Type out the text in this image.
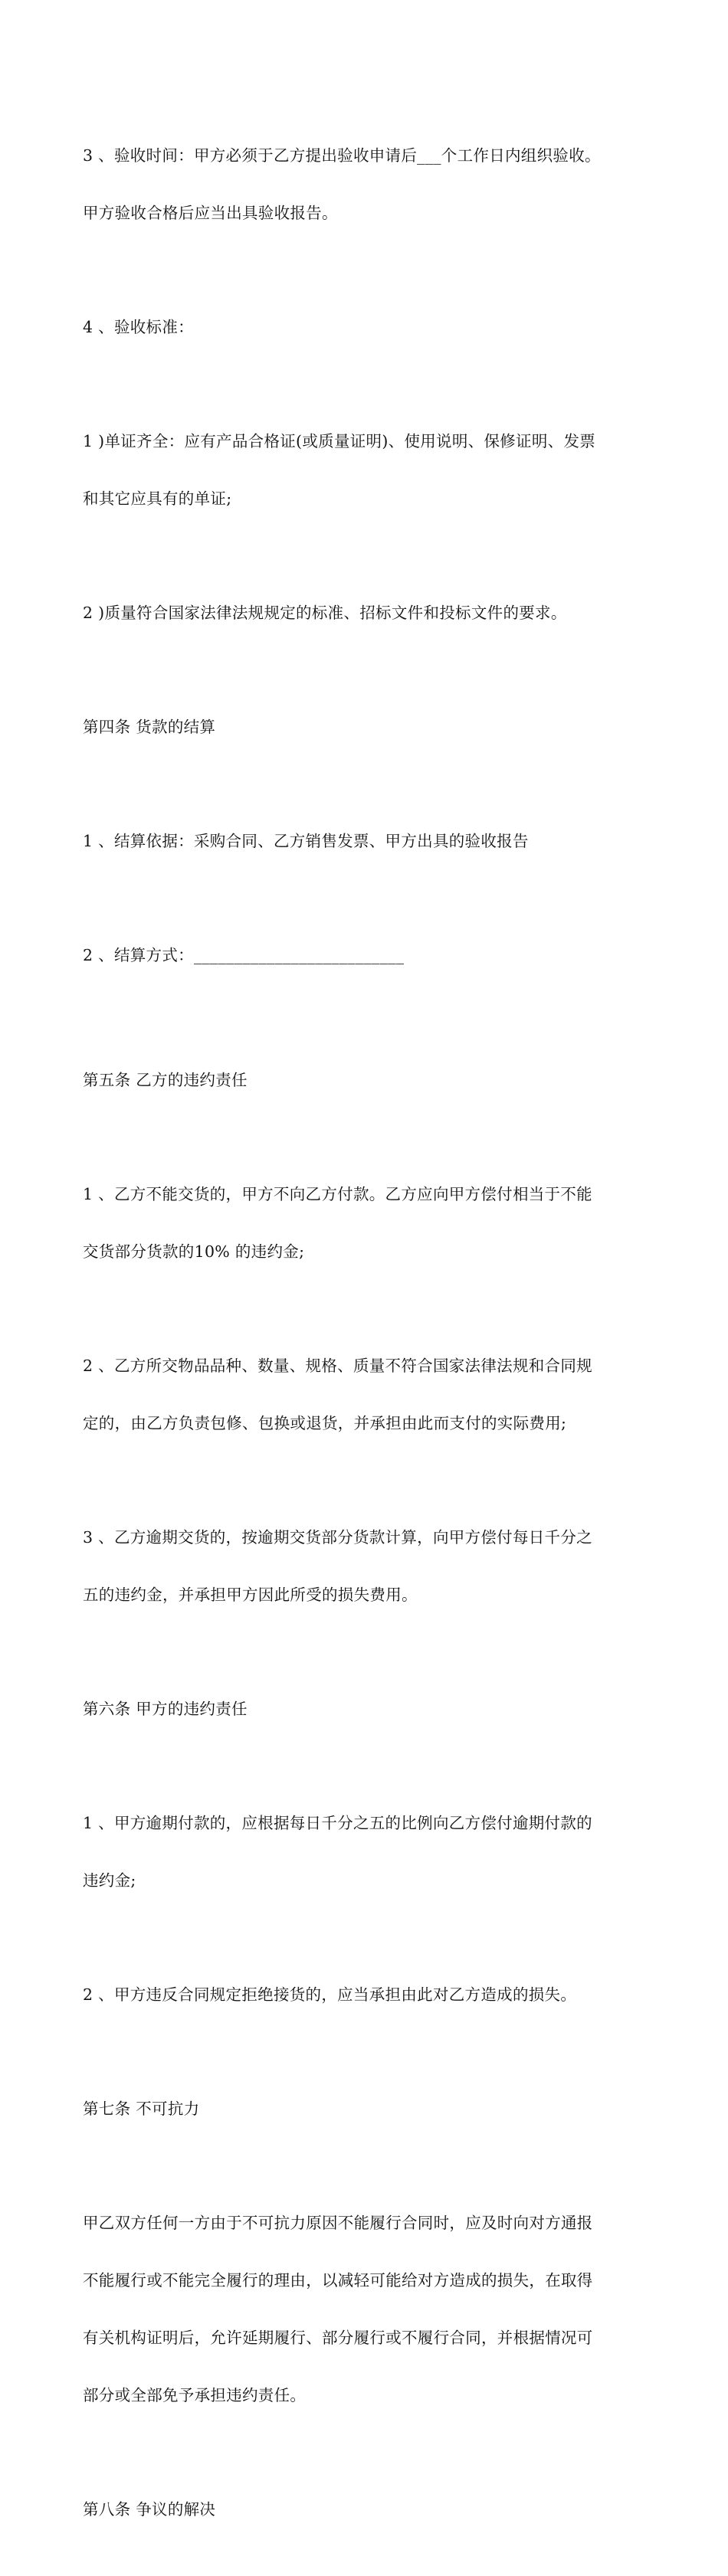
3 、验收时间：甲方必须于乙方提出验收申请后___个工作日内组织验收。

甲方验收合格后应当出具验收报告。

4 、验收标准：

1 )单证齐全：应有产品合格证(或质量证明)、使用说明、保修证明、发票

和其它应具有的单证;

2 )质量符合国家法律法规规定的标准、招标文件和投标文件的要求。

第四条 货款的结算

1 、结算依据：采购合同、乙方销售发票、甲方出具的验收报告

2 、结算方式：__________________________

第五条 乙方的违约责任

1 、乙方不能交货的，甲方不向乙方付款。乙方应向甲方偿付相当于不能

交货部分货款的10% 的违约金;

2 、乙方所交物品品种、数量、规格、质量不符合国家法律法规和合同规

定的，由乙方负责包修、包换或退货，并承担由此而支付的实际费用;

3 、乙方逾期交货的，按逾期交货部分货款计算，向甲方偿付每日千分之

五的违约金，并承担甲方因此所受的损失费用。

第六条 甲方的违约责任

1 、甲方逾期付款的，应根据每日千分之五的比例向乙方偿付逾期付款的

违约金;

2 、甲方违反合同规定拒绝接货的，应当承担由此对乙方造成的损失。

第七条 不可抗力

甲乙双方任何一方由于不可抗力原因不能履行合同时，应及时向对方通报

不能履行或不能完全履行的理由，以减轻可能给对方造成的损失，在取得

有关机构证明后，允许延期履行、部分履行或不履行合同，并根据情况可

部分或全部免予承担违约责任。

第八条 争议的解决
